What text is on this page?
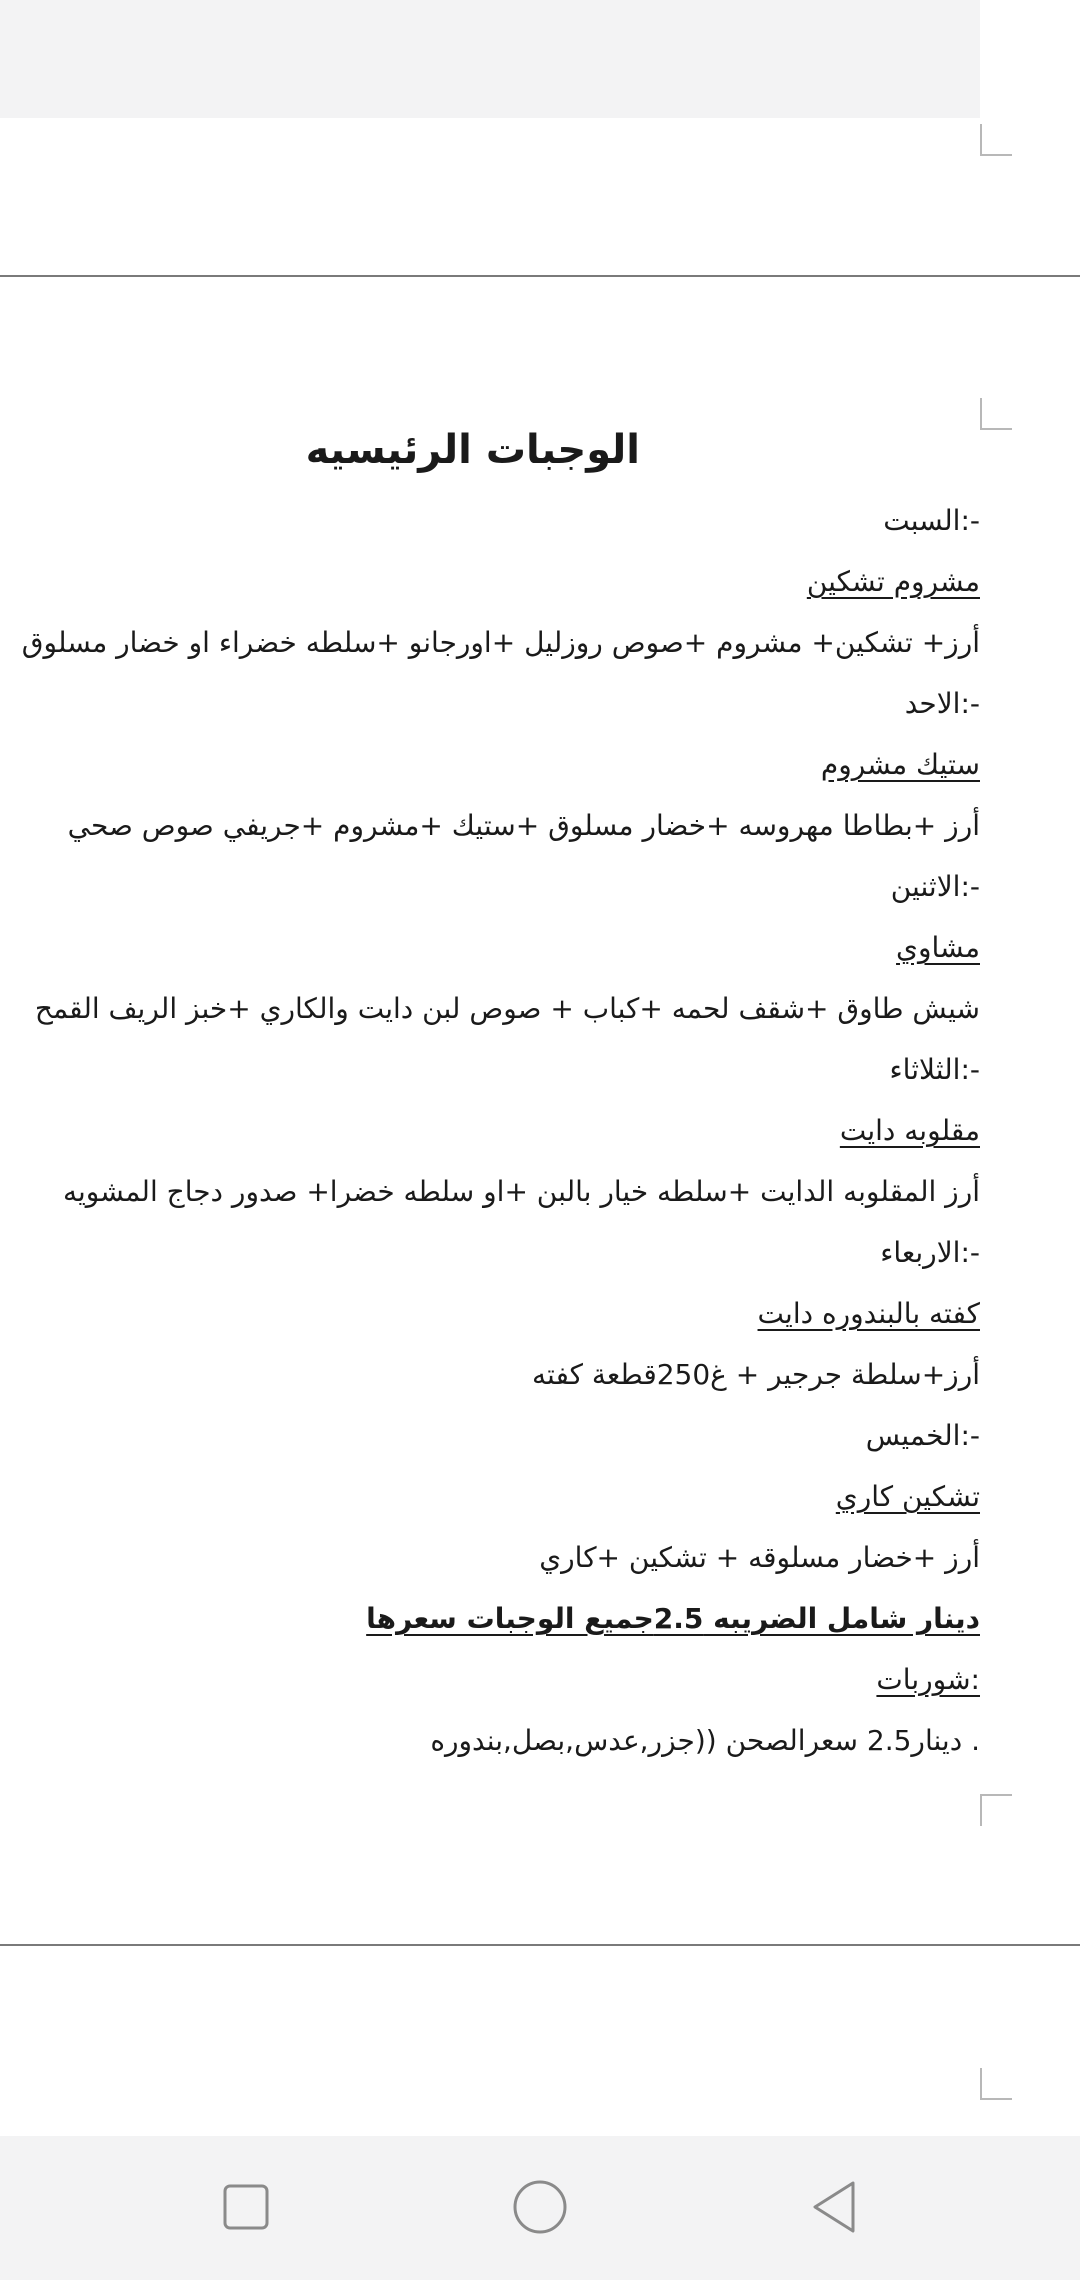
الوجبات الرئيسيه
-:السبت
مشروم تشكين
أرز+ تشكين+ مشروم +صوص روزليل +اورجانو +سلطه خضراء او خضار مسلوق
-:الاحد
ستيك مشروم
أرز +بطاطا مهروسه +خضار مسلوق +ستيك +مشروم +جريفي صوص صحي
-:الاثنين
مشاوي
شيش طاوق +شقف لحمه +كباب + صوص لبن دايت والكاري +خبز الريف القمح
-:الثلاثاء
مقلوبه دايت
أرز المقلوبه الدايت +سلطه خيار بالبن +او سلطه خضرا+ صدور دجاج المشويه
-:الاربعاء
كفته بالبندوره دايت
أرز+سلطة جرجير + غ250قطعة كفته
-:الخميس
تشكين كاري
أرز +خضار مسلوقه + تشكين +كاري
دينار شامل الضريبه 2.5جميع الوجبات سعرها
:شوربات
. دينار2.5 سعرالصحن ((جزر,عدس,بصل,بندوره
